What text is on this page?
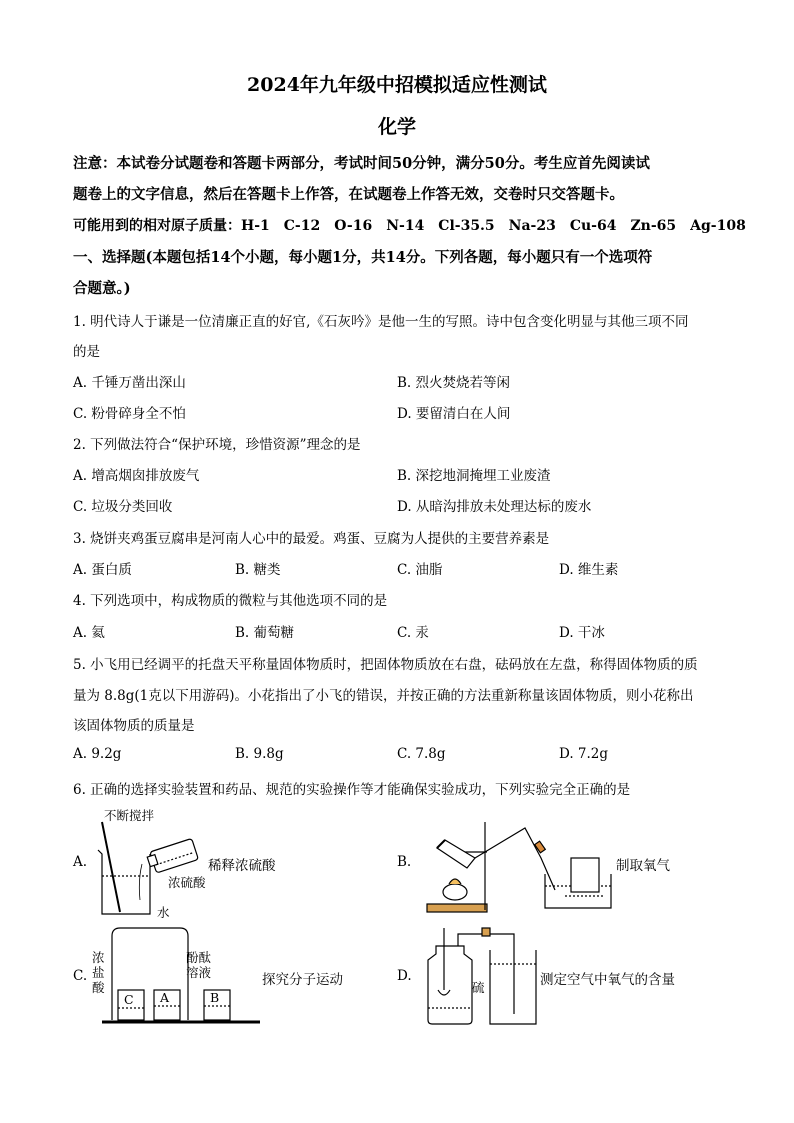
2024年九年级中招模拟适应性测试
化学
注意：本试卷分试题卷和答题卡两部分，考试时间50分钟，满分50分。考生应首先阅读试
题卷上的文字信息，然后在答题卡上作答，在试题卷上作答无效，交卷时只交答题卡。
可能用到的相对原子质量：H-1　C-12　O-16　N-14　Cl-35.5　Na-23　Cu-64　Zn-65　Ag-108
一、选择题(本题包括14个小题，每小题1分，共14分。下列各题，每小题只有一个选项符
合题意。)
1. 明代诗人于谦是一位清廉正直的好官,《石灰吟》是他一生的写照。诗中包含变化明显与其他三项不同
的是
A. 千锤万凿出深山	B. 烈火焚烧若等闲
C. 粉骨碎身全不怕	D. 要留清白在人间
2. 下列做法符合“保护环境，珍惜资源”理念的是
A. 增高烟囱排放废气	B. 深挖地洞掩埋工业废渣
C. 垃圾分类回收	D. 从暗沟排放未处理达标的废水
3. 烧饼夹鸡蛋豆腐串是河南人心中的最爱。鸡蛋、豆腐为人提供的主要营养素是
A. 蛋白质	B. 糖类	C. 油脂	D. 维生素
4. 下列选项中，构成物质的微粒与其他选项不同的是
A. 氦	B. 葡萄糖	C. 汞	D. 干冰
5. 小飞用已经调平的托盘天平称量固体物质时，把固体物质放在右盘，砝码放在左盘，称得固体物质的质
量为 8.8g(1克以下用游码)。小花指出了小飞的错误，并按正确的方法重新称量该固体物质，则小花称出
该固体物质的质量是
A. 9.2g	B. 9.8g	C. 7.8g	D. 7.2g
6. 正确的选择实验装置和药品、规范的实验操作等才能确保实验成功，下列实验完全正确的是
A.
不断搅拌
浓硫酸
水
稀释浓硫酸	B.	制取氧气
C.
浓
盐
酸
酚酞
溶液	探究分子运动
C A	B
D.
硫	测定空气中氧气的含量
